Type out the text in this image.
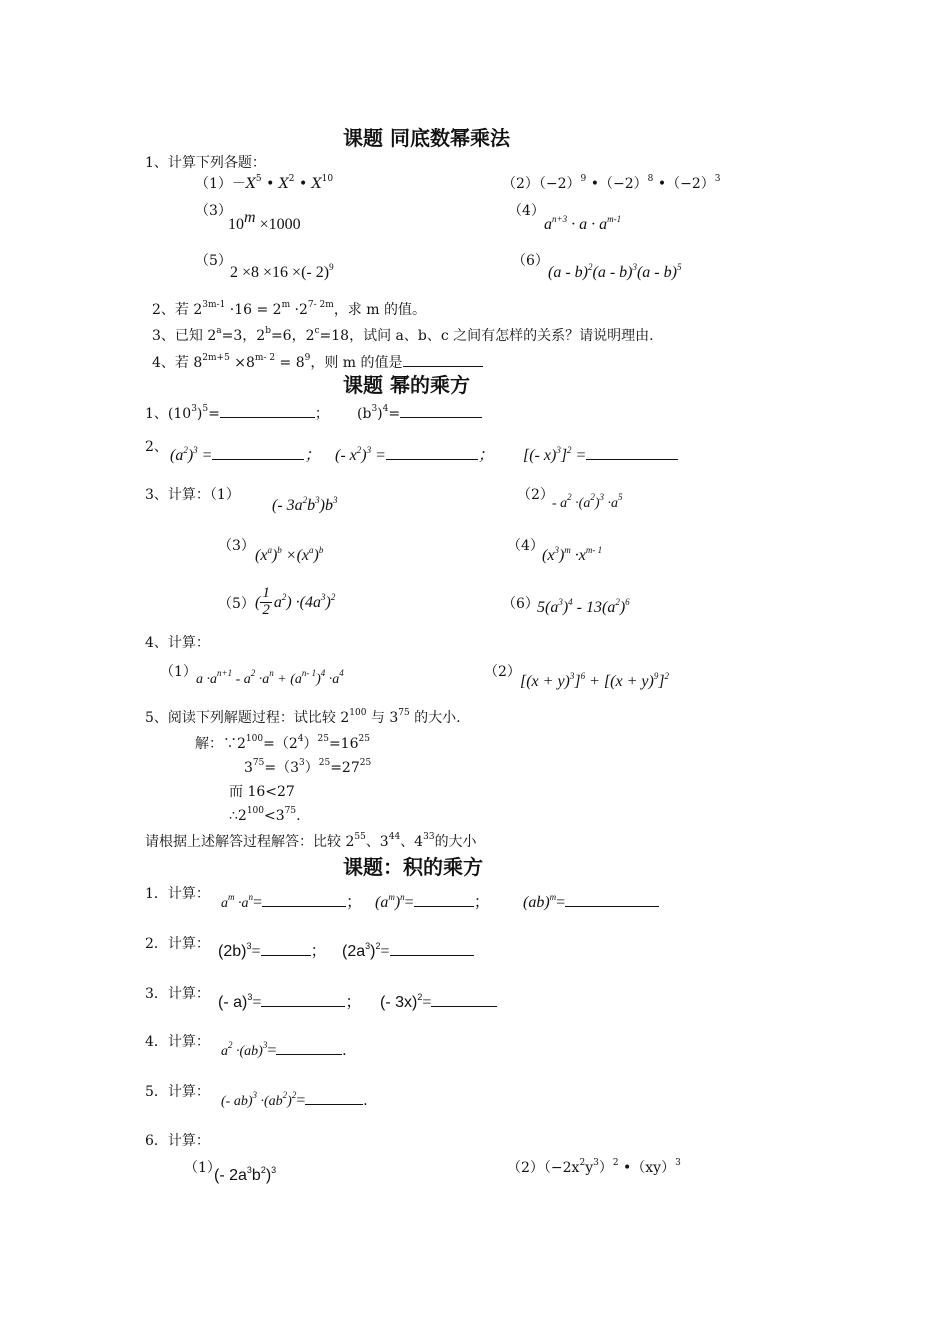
课题 同底数幂乘法
1、计算下列各题：
$(1)-X^5$ • $X^2$ • $X^{10}$	$(2)(-2)^9$ $•(-2)^8$ $•(-2)^3$
（3）
$10^m \times 1000$
（4）
$a^{n+3} \cdot a \cdot a^{m-1}$
（5）
2 ×8 ×16 ×(- 2)$^9$	（6）
(a - b)$^2$(a - b)$^3$(a - b)$^5$
2、若 $2^{3m-1} \cdot 16 = 2^m \cdot 2^{7- 2m}$，求 m 的值。
3、已知 $2^a=3$，$2^b=6$，$2^c=18$，试问 a、b、c 之间有怎样的关系？请说明理由.
4、若 $8^{2m+5} \times 8^{m- 2} = 8^9$，则 m 的值是
课题 幂的乘方
1、$(10^3)^5=$	； $(b^3)^4=$
2、 $(a^2)^3$ =	； (- $x^2)^3$ =	； [(- x)$^3$]$^2$ =
3、计算：（1）
(- $3a^2b^3)b^3$	（2）
- $a^2 \cdot(a^2)^3 \cdot a^5$
（3）
$(x^a)^b \times(x^a)^b$	（4）
$(x^3)^m \cdot x^{m- 1}$
（5） ( $\frac{1}{2} a^2) \cdot(4a^3)^2$	（6）
$5(a^3)^4 - 13(a^2)^6$
4、计算：
（1） $a \cdot a^{n+1} - a^2 \cdot a^n + (a^{n- 1})^4 \cdot a^4$	（2）
$[(x + y)^3]^6 + [(x + y)^9]^2$
5、阅读下列解题过程：试比较 $2^{100}$ 与 $3^{75}$ 的大小.
解：$\because 2^{100}=(2^4)^{25}=16^{25}$
$3^{75}=(3^3)^{25}=27^{25}$
而 16<27
$\therefore 2^{100}<3^{75}$.
请根据上述解答过程解答：比较 $2^{55}$、$3^{44}$、$4^{33}$的大小
课题：积的乘方
1．计算：
$a^m \cdot a^n=$	； $(a^m)^n=$	； (ab)$^m$=
2．计算： $(2b)^3=$	； $(2a^3)^2=$
3．计算： (- a)$^3$=	； (- 3x)$^2$=
4．计算：
$a^2 \cdot(ab)^3=$	.
5．计算：
(- $ab)^3 \cdot(ab^2)^2=$	.
6．计算：
（1）
(- $2a^3b^2)^3$	$(2)(-2x^2y^3)^2$ •（xy）$^3$
